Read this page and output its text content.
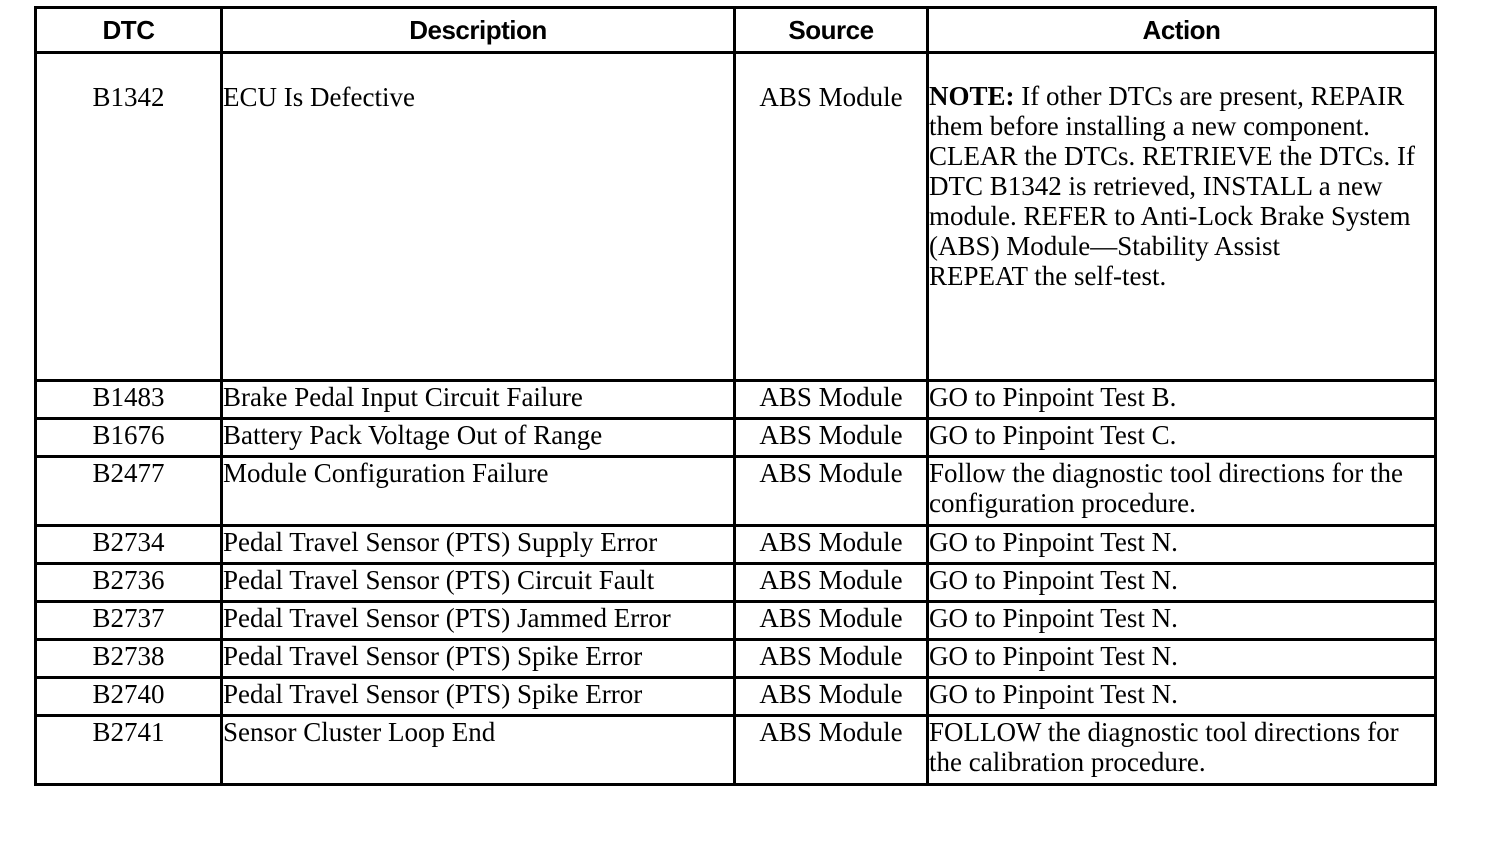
DTC	Description	Source	Action
B1342	ECU Is Defective	ABS Module	NOTE: If other DTCs are present, REPAIR them before installing a new component.
CLEAR the DTCs. RETRIEVE the DTCs. If DTC B1342 is retrieved, INSTALL a new module. REFER to Anti-Lock Brake System (ABS) Module—Stability Assist
REPEAT the self-test.

B1483	Brake Pedal Input Circuit Failure	ABS Module	GO to Pinpoint Test B.
B1676	Battery Pack Voltage Out of Range	ABS Module	GO to Pinpoint Test C.
B2477	Module Configuration Failure	ABS Module	Follow the diagnostic tool directions for the configuration procedure.
B2734	Pedal Travel Sensor (PTS) Supply Error	ABS Module	GO to Pinpoint Test N.
B2736	Pedal Travel Sensor (PTS) Circuit Fault	ABS Module	GO to Pinpoint Test N.
B2737	Pedal Travel Sensor (PTS) Jammed Error	ABS Module	GO to Pinpoint Test N.
B2738	Pedal Travel Sensor (PTS) Spike Error	ABS Module	GO to Pinpoint Test N.
B2740	Pedal Travel Sensor (PTS) Spike Error	ABS Module	GO to Pinpoint Test N.
B2741	Sensor Cluster Loop End	ABS Module	FOLLOW the diagnostic tool directions for the calibration procedure.
